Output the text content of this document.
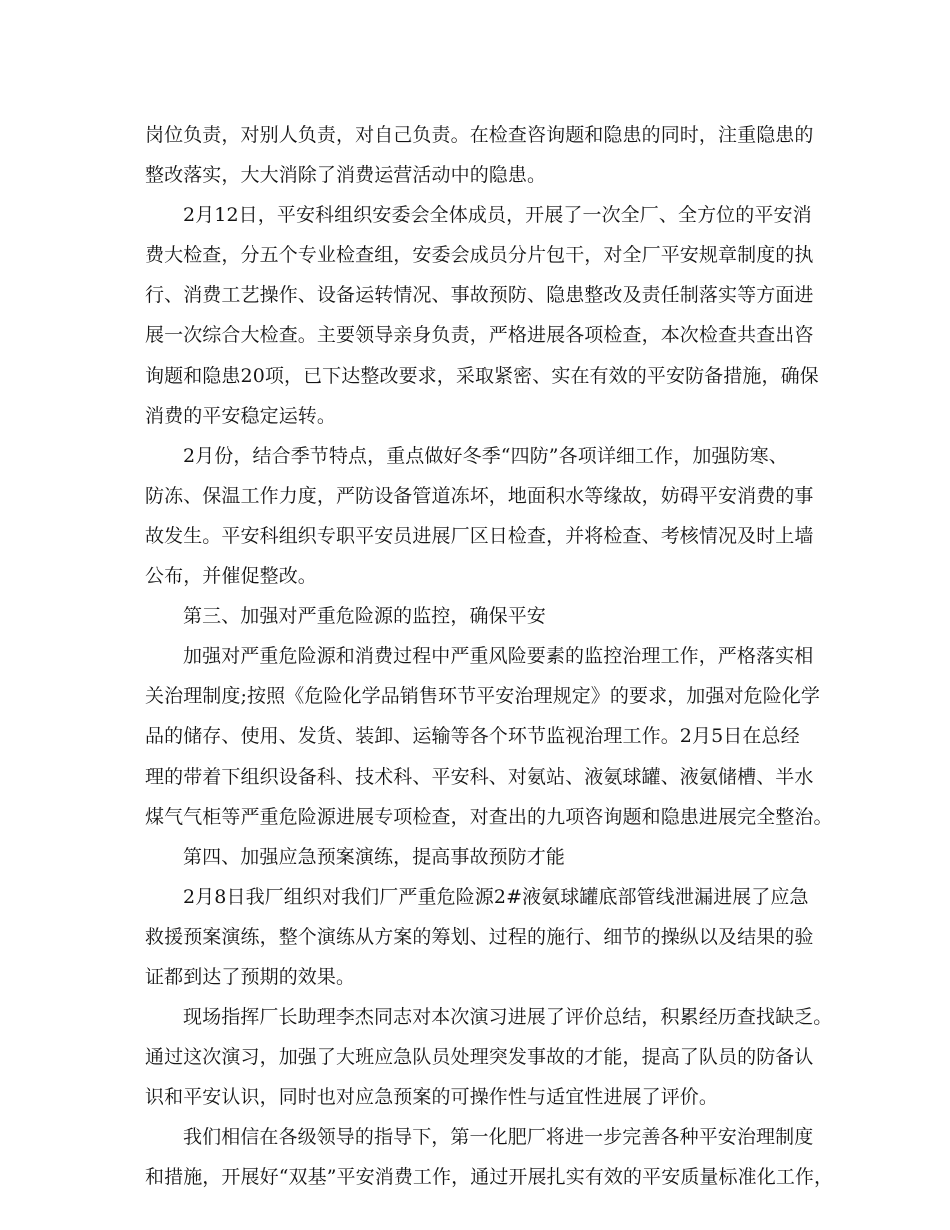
岗位负责，对别人负责，对自己负责。在检查咨询题和隐患的同时，注重隐患的
整改落实，大大消除了消费运营活动中的隐患。
2月12日，平安科组织安委会全体成员，开展了一次全厂、全方位的平安消
费大检查，分五个专业检查组，安委会成员分片包干，对全厂平安规章制度的执
行、消费工艺操作、设备运转情况、事故预防、隐患整改及责任制落实等方面进
展一次综合大检查。主要领导亲身负责，严格进展各项检查，本次检查共查出咨
询题和隐患20项，已下达整改要求，采取紧密、实在有效的平安防备措施，确保
消费的平安稳定运转。
2月份，结合季节特点，重点做好冬季“四防”各项详细工作，加强防寒、
防冻、保温工作力度，严防设备管道冻坏，地面积水等缘故，妨碍平安消费的事
故发生。平安科组织专职平安员进展厂区日检查，并将检查、考核情况及时上墙
公布，并催促整改。
第三、加强对严重危险源的监控，确保平安
加强对严重危险源和消费过程中严重风险要素的监控治理工作，严格落实相
关治理制度;按照《危险化学品销售环节平安治理规定》的要求，加强对危险化学
品的储存、使用、发货、装卸、运输等各个环节监视治理工作。2月5日在总经
理的带着下组织设备科、技术科、平安科、对氨站、液氨球罐、液氨储槽、半水
煤气气柜等严重危险源进展专项检查，对查出的九项咨询题和隐患进展完全整治。
第四、加强应急预案演练，提高事故预防才能
2月8日我厂组织对我们厂严重危险源2#液氨球罐底部管线泄漏进展了应急
救援预案演练，整个演练从方案的筹划、过程的施行、细节的操纵以及结果的验
证都到达了预期的效果。
现场指挥厂长助理李杰同志对本次演习进展了评价总结，积累经历查找缺乏。
通过这次演习，加强了大班应急队员处理突发事故的才能，提高了队员的防备认
识和平安认识，同时也对应急预案的可操作性与适宜性进展了评价。
我们相信在各级领导的指导下，第一化肥厂将进一步完善各种平安治理制度
和措施，开展好“双基”平安消费工作，通过开展扎实有效的平安质量标准化工作，
